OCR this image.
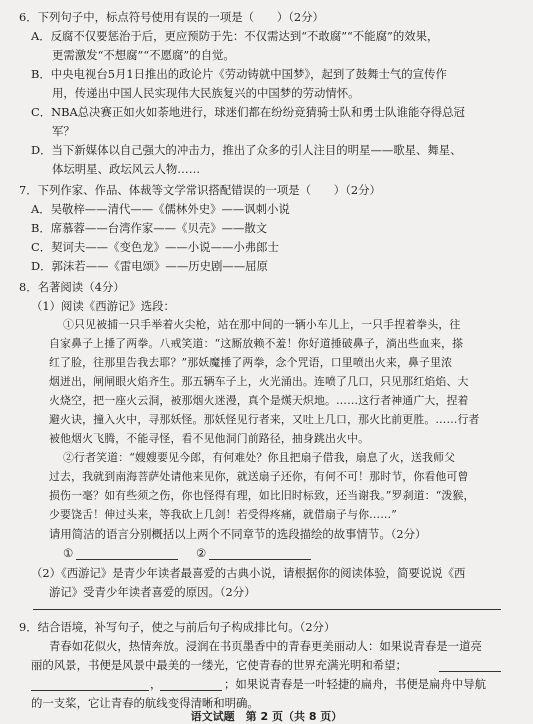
6．下列句子中，标点符号使用有误的一项是（　　）（2分）
A．反腐不仅要惩治于后，更应预防于先：不仅需达到“不敢腐”“不能腐”的效果，
更需激发“不想腐”“不愿腐”的自觉。
B．中央电视台5月1日推出的政论片《劳动铸就中国梦》，起到了鼓舞士气的宣传作
用，传递出中国人民实现伟大民族复兴的中国梦的劳动情怀。
C．NBA总决赛正如火如荼地进行，球迷们都在纷纷竞猜骑士队和勇士队谁能夺得总冠
军？
D．当下新媒体以自己强大的冲击力，推出了众多的引人注目的明星——歌星、舞星、
体坛明星、政坛风云人物……
7．下列作家、作品、体裁等文学常识搭配错误的一项是（　　）（2分）
A．吴敬梓——清代——《儒林外史》——讽刺小说
B．席慕蓉——台湾作家——《贝壳》——散文
C．契诃夫——《变色龙》——小说——小弗郎士
D．郭沫若——《雷电颂》——历史剧——屈原
8．名著阅读（4分）
（1）阅读《西游记》选段：
①只见被捕一只手举着火尖枪，站在那中间的一辆小车儿上，一只手捏着拳头，往
自家鼻子上捶了两拳。八戒笑道：“这厮放赖不羞！你好道捶破鼻子，淌出些血来，搽
红了脸，往那里告我去耶？”那妖魔捶了两拳，念个咒语，口里喷出火来，鼻子里浓
烟迸出，闸闸眼火焰齐生。那五辆车子上，火光涌出。连喷了几口，只见那红焰焰、大
火烧空，把一座火云洞，被那烟火迷漫，真个是熯天炽地。……这行者神通广大，捏着
避火诀，撞入火中，寻那妖怪。那妖怪见行者来，又吐上几口，那火比前更胜。……行者
被他烟火飞腾，不能寻怪，看不见他洞门前路径，抽身跳出火中。
②行者笑道：“嫂嫂要见今郎，有何难处？你且把扇子借我，扇息了火，送我师父
过去，我就到南海菩萨处请他来见你，就送扇子还你，有何不可！那时节，你看他可曾
损伤一毫？如有些须之伤，你也怪得有理，如比旧时标致，还当谢我。”罗刹道：“泼猴，
少要饶舌！伸过头来，等我砍上几剑！若受得疼痛，就借扇子与你……”
请用简洁的语言分别概括以上两个不同章节的选段描绘的故事情节。（2分）
①	②
（2）《西游记》是青少年读者最喜爱的古典小说，请根据你的阅读体验，简要说说《西
游记》受青少年读者喜爱的原因。（2分）
9．结合语境，补写句子，使之与前后句子构成排比句。（2分）
青春如花似火，热情奔放。浸润在书页墨香中的青春更美丽动人：如果说青春是一道亮
丽的风景，书便是风景中最美的一缕光，它使青春的世界充满光明和希望；
，	；如果说青春是一叶轻捷的扁舟，书便是扁舟中导航
的一支桨，它让青春的航线变得清晰和明确。
语文试题　第 2 页（共 8 页）
